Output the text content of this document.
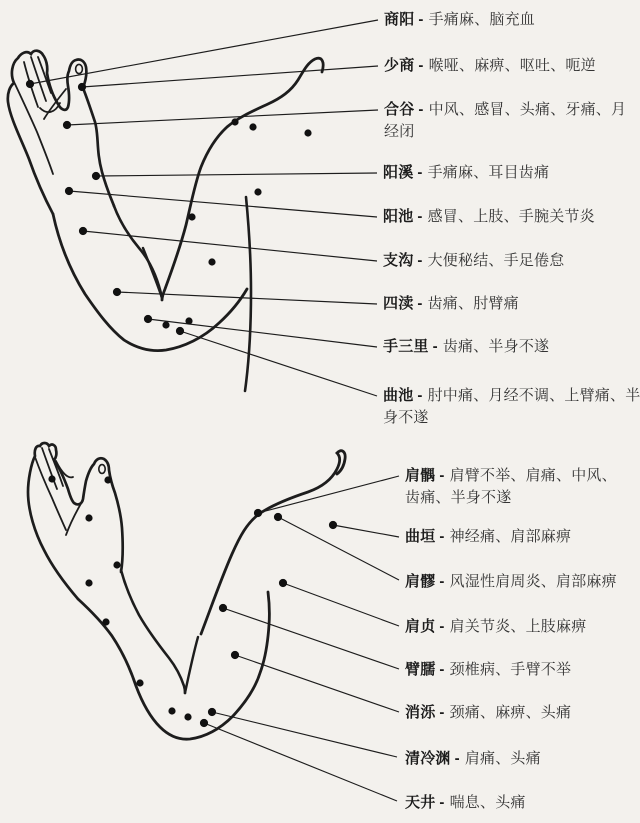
商阳 - 手痛麻、脑充血
少商 - 喉哑、麻痹、呕吐、呃逆
合谷 - 中风、感冒、头痛、牙痛、月经闭
阳溪 - 手痛麻、耳目齿痛
阳池 - 感冒、上肢、手腕关节炎
支沟 - 大便秘结、手足倦怠
四渎 - 齿痛、肘臂痛
手三里 - 齿痛、半身不遂
曲池 - 肘中痛、月经不调、上臂痛、半身不遂
肩髃 - 肩臂不举、肩痛、中风、齿痛、半身不遂
曲垣 - 神经痛、肩部麻痹
肩髎 - 风湿性肩周炎、肩部麻痹
肩贞 - 肩关节炎、上肢麻痹
臂臑 - 颈椎病、手臂不举
消泺 - 颈痛、麻痹、头痛
清冷渊 - 肩痛、头痛
天井 - 喘息、头痛
